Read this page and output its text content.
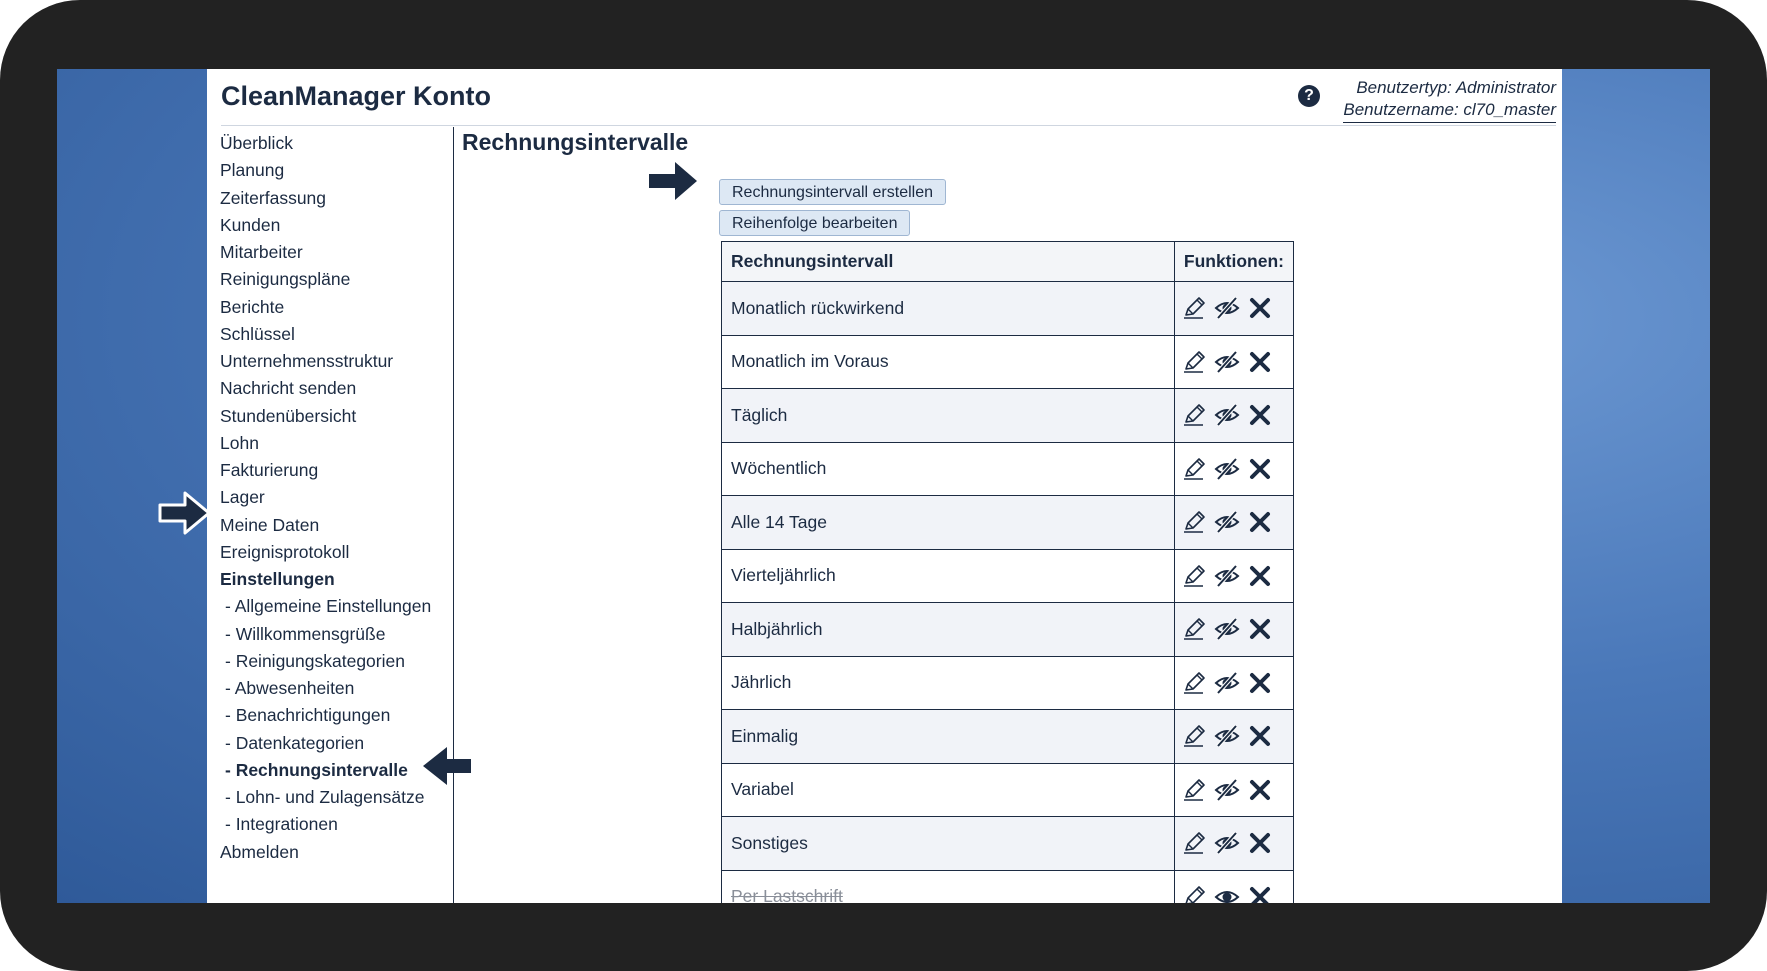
CleanManager Konto	?	Benutzertyp: Administrator
Benutzername: cl70_master
Überblick
Planung
Zeiterfassung
Kunden
Mitarbeiter
Reinigungspläne
Berichte
Schlüssel
Unternehmensstruktur
Nachricht senden
Stundenübersicht
Lohn
Fakturierung
Lager
Meine Daten
Ereignisprotokoll
Einstellungen
- Allgemeine Einstellungen
- Willkommensgrüße
- Reinigungskategorien
- Abwesenheiten
- Benachrichtigungen
- Datenkategorien
- Rechnungsintervalle
- Lohn- und Zulagensätze
- Integrationen
Abmelden
Rechnungsintervalle
Rechnungsintervall erstellen
Reihenfolge bearbeiten
Rechnungsintervall	Funktionen:
Monatlich rückwirkend	
Monatlich im Voraus	
Täglich	
Wöchentlich	
Alle 14 Tage	
Vierteljährlich	
Halbjährlich	
Jährlich	
Einmalig	
Variabel	
Sonstiges	
Per Lastschrift	
